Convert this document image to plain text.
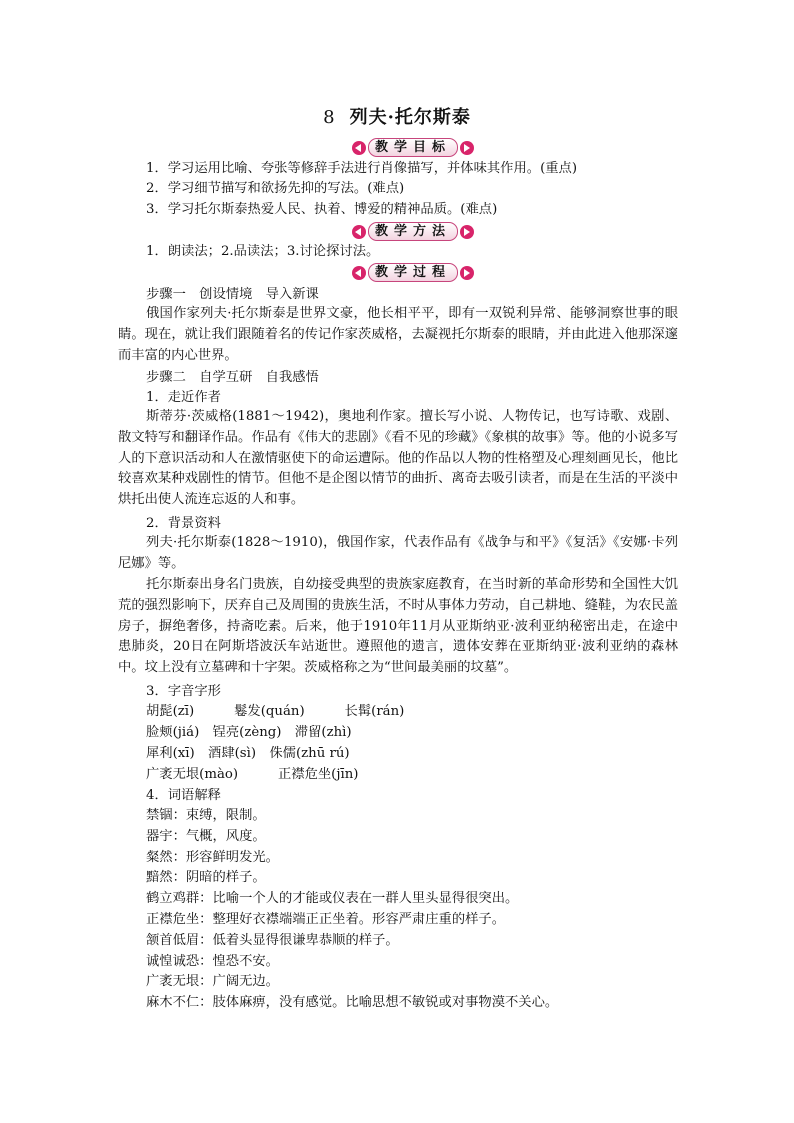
8 列夫·托尔斯泰
教学目标
1．学习运用比喻、夸张等修辞手法进行肖像描写，并体味其作用。(重点)
2．学习细节描写和欲扬先抑的写法。(难点)
3．学习托尔斯泰热爱人民、执着、博爱的精神品质。(难点)
教学方法
1．朗读法；2.品读法；3.讨论探讨法。
教学过程
步骤一　创设情境　导入新课
俄国作家列夫·托尔斯泰是世界文豪，他长相平平，即有一双锐利异常、能够洞察世事的眼睛。现在，就让我们跟随着名的传记作家茨威格，去凝视托尔斯泰的眼睛，并由此进入他那深邃而丰富的内心世界。
步骤二　自学互研　自我感悟
1．走近作者
斯蒂芬·茨威格(1881～1942)，奥地利作家。擅长写小说、人物传记，也写诗歌、戏剧、散文特写和翻译作品。作品有《伟大的悲剧》《看不见的珍藏》《象棋的故事》等。他的小说多写人的下意识活动和人在激情驱使下的命运遭际。他的作品以人物的性格塑及心理刻画见长，他比较喜欢某种戏剧性的情节。但他不是企图以情节的曲折、离奇去吸引读者，而是在生活的平淡中烘托出使人流连忘返的人和事。
2．背景资料
列夫·托尔斯泰(1828～1910)，俄国作家，代表作品有《战争与和平》《复活》《安娜·卡列尼娜》等。
托尔斯泰出身名门贵族，自幼接受典型的贵族家庭教育，在当时新的革命形势和全国性大饥荒的强烈影响下，厌弃自己及周围的贵族生活，不时从事体力劳动，自己耕地、缝鞋，为农民盖房子，摒绝奢侈，持斋吃素。后来，他于1910年11月从亚斯纳亚·波利亚纳秘密出走，在途中患肺炎，20日在阿斯塔波沃车站逝世。遵照他的遗言，遗体安葬在亚斯纳亚·波利亚纳的森林中。坟上没有立墓碑和十字架。茨威格称之为“世间最美丽的坟墓”。
3．字音字形
胡髭(zī)　　　鬈发(quán)　　　长髯(rán)
脸颊(jiá)　锃亮(zèng)　滞留(zhì)
犀利(xī)　酒肆(sì)　侏儒(zhū rú)
广袤无垠(mào)　　　正襟危坐(jīn)
4．词语解释
禁锢：束缚，限制。
器宇：气概，风度。
粲然：形容鲜明发光。
黯然：阴暗的样子。
鹤立鸡群：比喻一个人的才能或仪表在一群人里头显得很突出。
正襟危坐：整理好衣襟端端正正坐着。形容严肃庄重的样子。
颔首低眉：低着头显得很谦卑恭顺的样子。
诚惶诚恐：惶恐不安。
广袤无垠：广阔无边。
麻木不仁：肢体麻痹，没有感觉。比喻思想不敏锐或对事物漠不关心。
